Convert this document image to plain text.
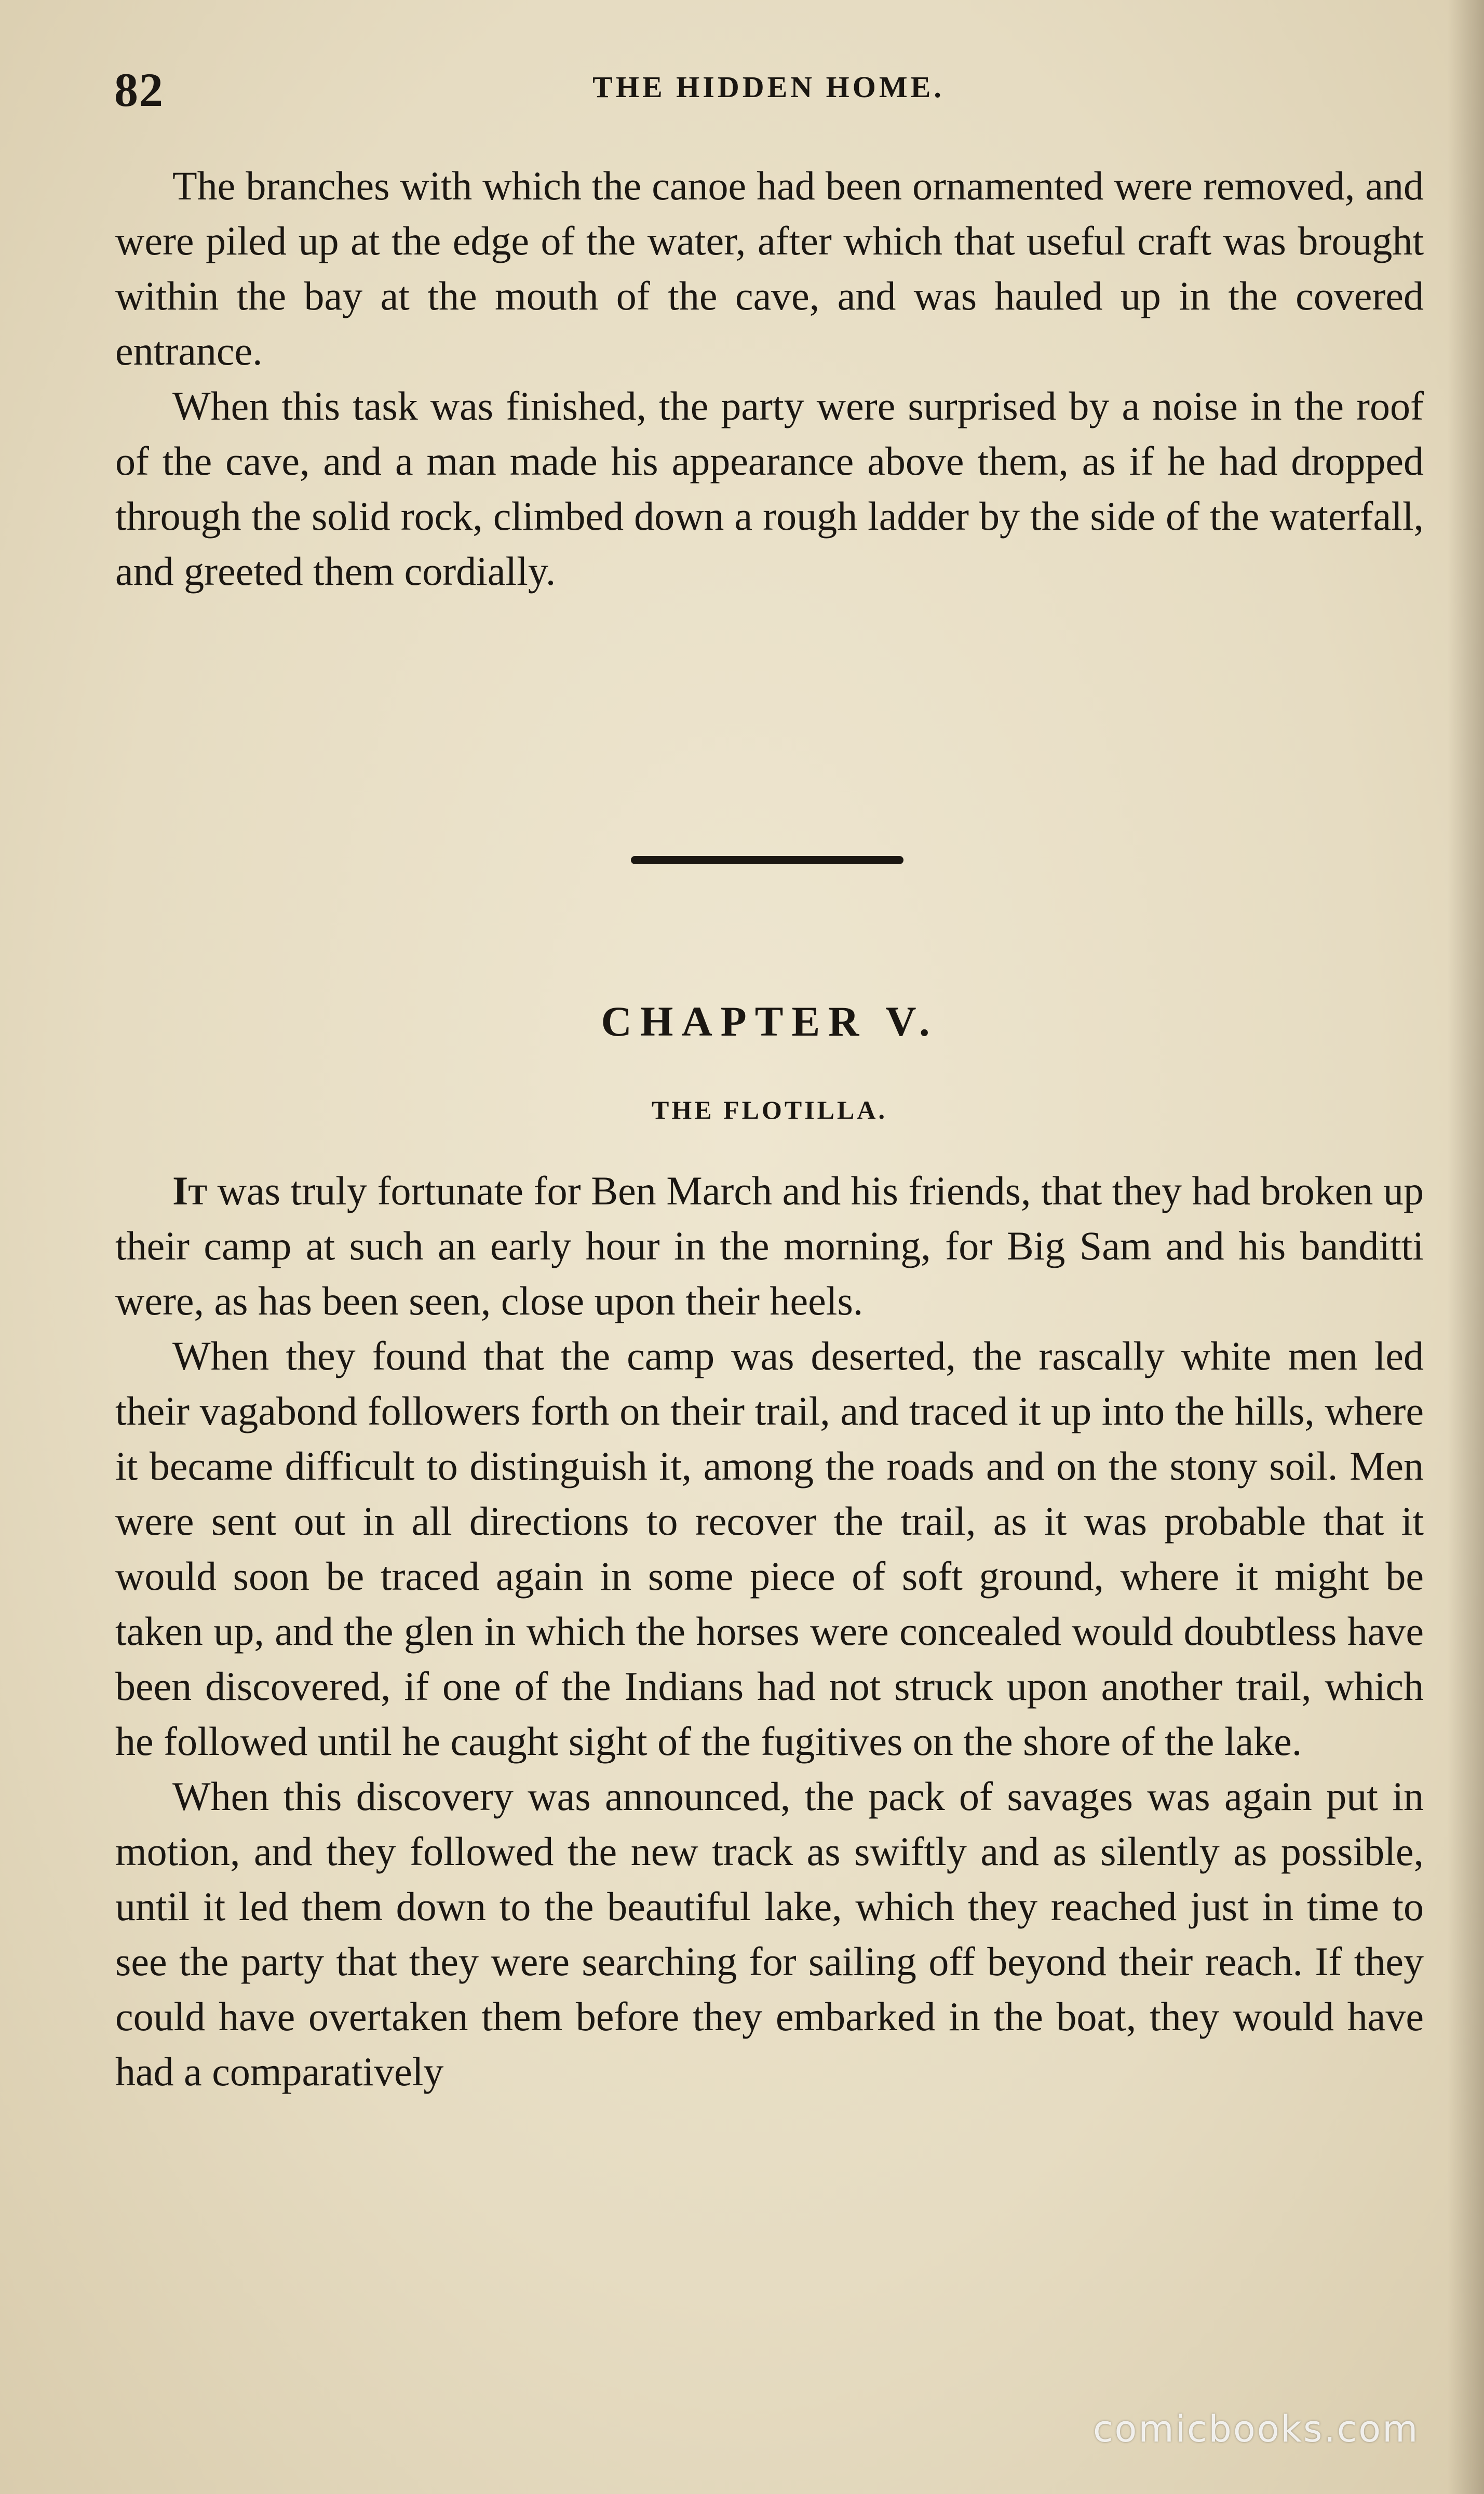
82	THE HIDDEN HOME.

The branches with which the canoe had been ornamented were removed, and were piled up at the edge of the water, after which that useful craft was brought within the bay at the mouth of the cave, and was hauled up in the covered entrance.

When this task was finished, the party were surprised by a noise in the roof of the cave, and a man made his appearance above them, as if he had dropped through the solid rock, climbed down a rough ladder by the side of the waterfall, and greeted them cordially.

CHAPTER V.
THE FLOTILLA.

It was truly fortunate for Ben March and his friends, that they had broken up their camp at such an early hour in the morning, for Big Sam and his banditti were, as has been seen, close upon their heels.

When they found that the camp was deserted, the rascally white men led their vagabond followers forth on their trail, and traced it up into the hills, where it became difficult to distinguish it, among the roads and on the stony soil. Men were sent out in all directions to recover the trail, as it was probable that it would soon be traced again in some piece of soft ground, where it might be taken up, and the glen in which the horses were concealed would doubtless have been discovered, if one of the Indians had not struck upon another trail, which he followed until he caught sight of the fugitives on the shore of the lake.

When this discovery was announced, the pack of savages was again put in motion, and they followed the new track as swiftly and as silently as possible, until it led them down to the beautiful lake, which they reached just in time to see the party that they were searching for sailing off beyond their reach. If they could have overtaken them before they embarked in the boat, they would have had a comparatively

comicbooks.com
